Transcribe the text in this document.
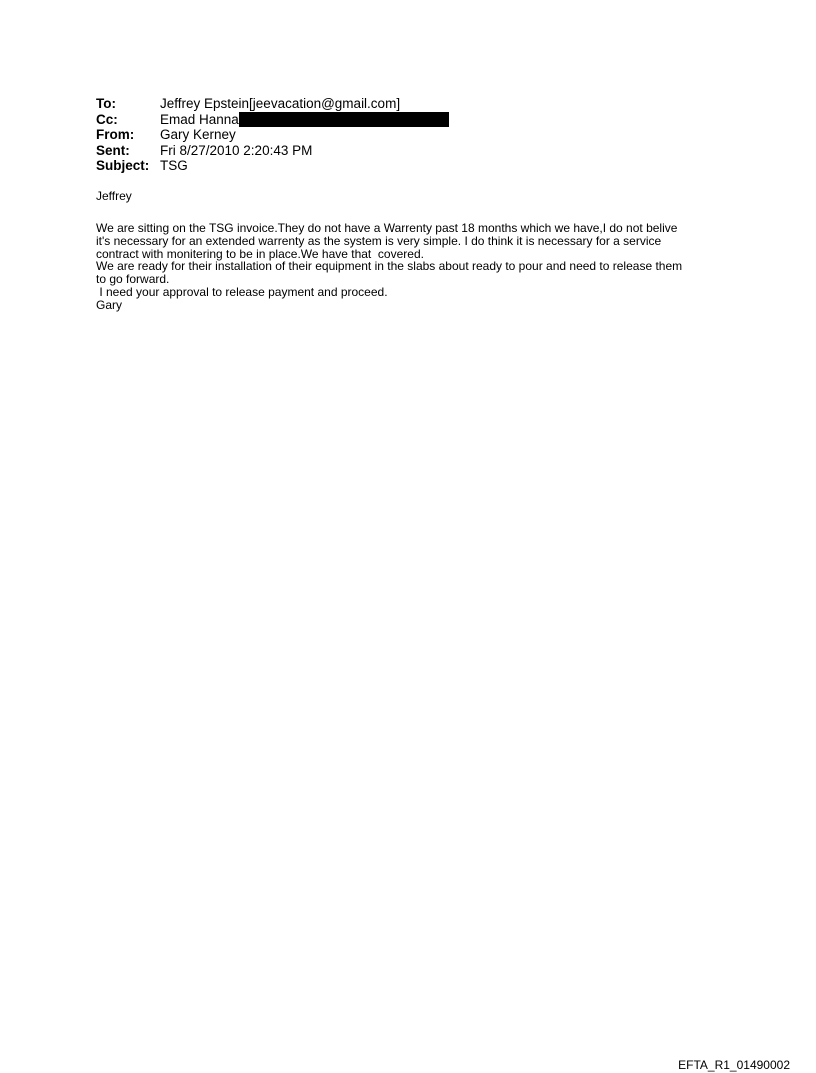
To:	Jeffrey Epstein[jeevacation@gmail.com]
Cc:	Emad Hanna
From:	Gary Kerney
Sent:	Fri 8/27/2010 2:20:43 PM
Subject: TSG
Jeffrey
We are sitting on the TSG invoice.They do not have a Warrenty past 18 months which we have,I do not belive
it's necessary for an extended warrenty as the system is very simple. I do think it is necessary for a service
contract with monitering to be in place.We have that  covered.
We are ready for their installation of their equipment in the slabs about ready to pour and need to release them
to go forward.
I need your approval to release payment and proceed.
Gary
EFTA_R1_01490002
